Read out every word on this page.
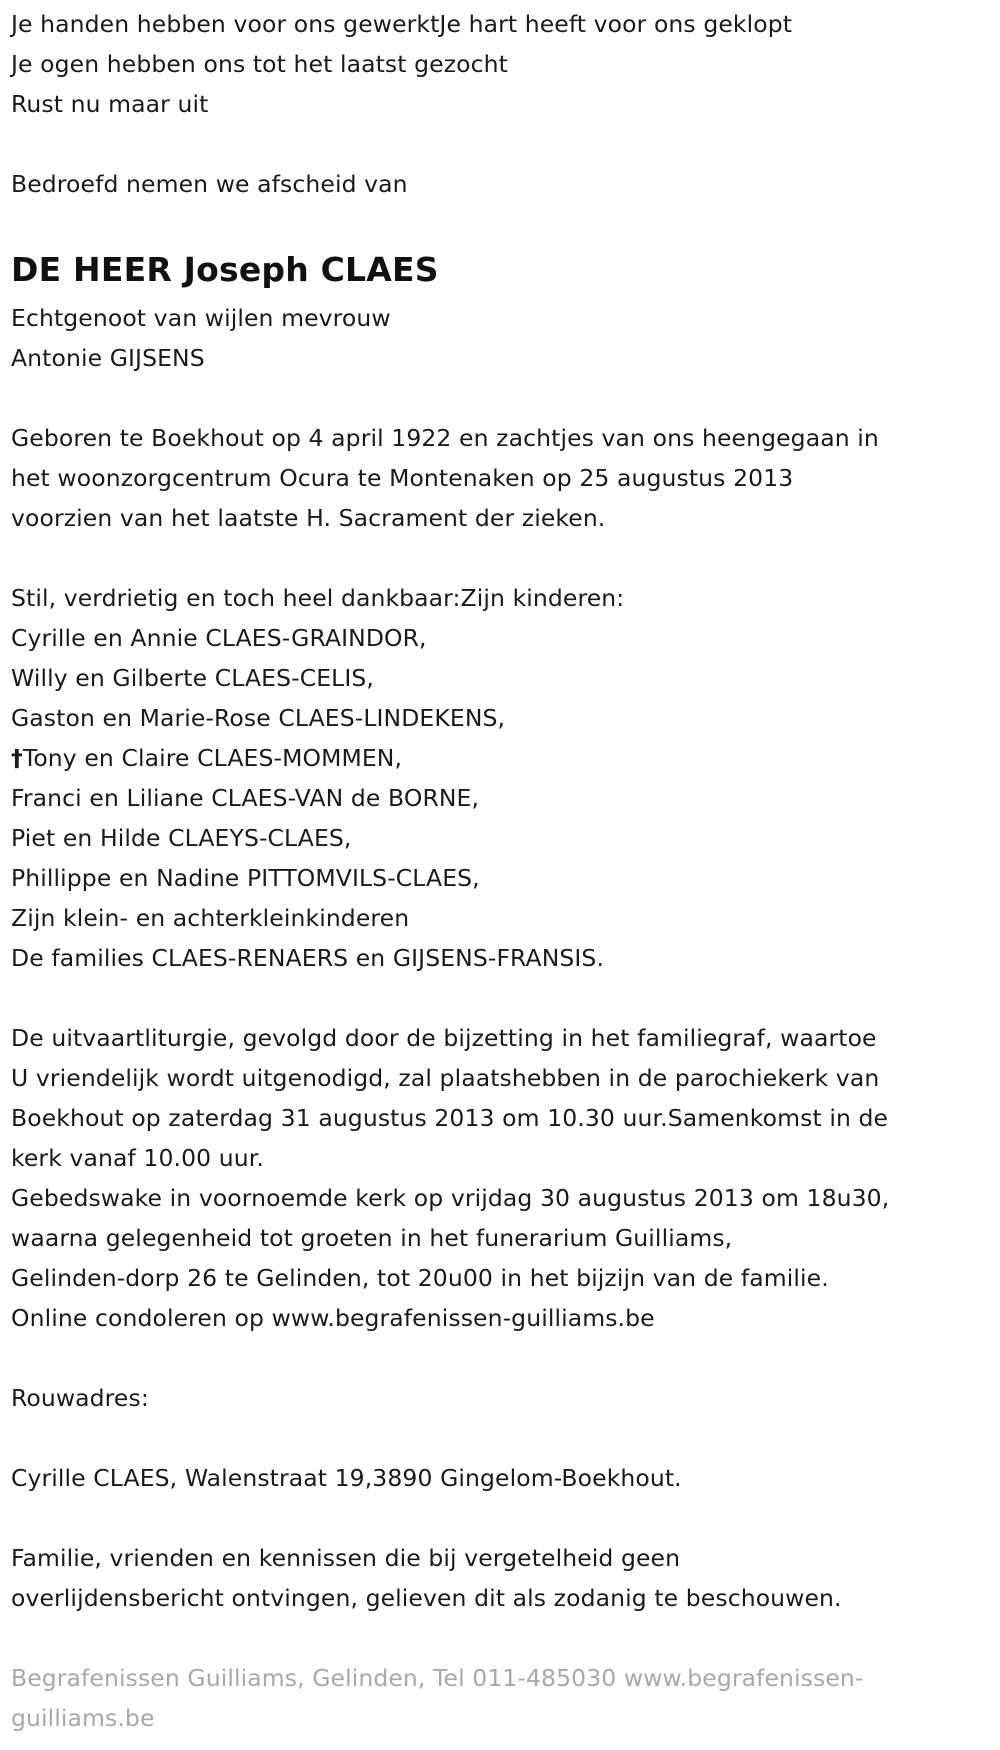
Je handen hebben voor ons gewerktJe hart heeft voor ons geklopt
Je ogen hebben ons tot het laatst gezocht
Rust nu maar uit
Bedroefd nemen we afscheid van
DE HEER Joseph CLAES
Echtgenoot van wijlen mevrouw
Antonie GIJSENS
Geboren te Boekhout op 4 april 1922 en zachtjes van ons heengegaan in
het woonzorgcentrum Ocura te Montenaken op 25 augustus 2013
voorzien van het laatste H. Sacrament der zieken.
Stil, verdrietig en toch heel dankbaar:Zijn kinderen:
Cyrille en Annie CLAES-GRAINDOR,
Willy en Gilberte CLAES-CELIS,
Gaston en Marie-Rose CLAES-LINDEKENS,
†Tony en Claire CLAES-MOMMEN,
Franci en Liliane CLAES-VAN de BORNE,
Piet en Hilde CLAEYS-CLAES,
Phillippe en Nadine PITTOMVILS-CLAES,
Zijn klein- en achterkleinkinderen
De families CLAES-RENAERS en GIJSENS-FRANSIS.
De uitvaartliturgie, gevolgd door de bijzetting in het familiegraf, waartoe
U vriendelijk wordt uitgenodigd, zal plaatshebben in de parochiekerk van
Boekhout op zaterdag 31 augustus 2013 om 10.30 uur.Samenkomst in de
kerk vanaf 10.00 uur.
Gebedswake in voornoemde kerk op vrijdag 30 augustus 2013 om 18u30,
waarna gelegenheid tot groeten in het funerarium Guilliams,
Gelinden-dorp 26 te Gelinden, tot 20u00 in het bijzijn van de familie.
Online condoleren op www.begrafenissen-guilliams.be
Rouwadres:
Cyrille CLAES, Walenstraat 19,3890 Gingelom-Boekhout.
Familie, vrienden en kennissen die bij vergetelheid geen
overlijdensbericht ontvingen, gelieven dit als zodanig te beschouwen.
Begrafenissen Guilliams, Gelinden, Tel 011-485030 www.begrafenissen-
guilliams.be
